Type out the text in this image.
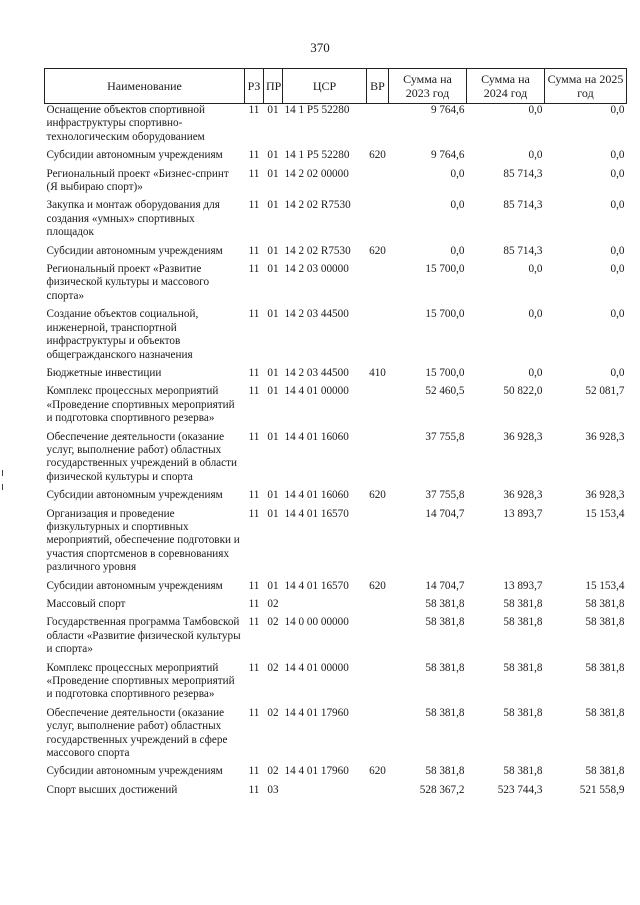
370
Наименование	РЗ	ПР	ЦСР	ВР	Сумма на 2023 год	Сумма на 2024 год	Сумма на 2025 год
Оснащение объектов спортивной инфраструктуры спортивно-технологическим оборудованием	11	01	14 1 P5 52280		9 764,6	0,0	0,0
Субсидии автономным учреждениям	11	01	14 1 P5 52280	620	9 764,6	0,0	0,0
Региональный проект «Бизнес-спринт (Я выбираю спорт)»	11	01	14 2 02 00000		0,0	85 714,3	0,0
Закупка и монтаж оборудования для создания «умных» спортивных площадок	11	01	14 2 02 R7530		0,0	85 714,3	0,0
Субсидии автономным учреждениям	11	01	14 2 02 R7530	620	0,0	85 714,3	0,0
Региональный проект «Развитие физической культуры и массового спорта»	11	01	14 2 03 00000		15 700,0	0,0	0,0
Создание объектов социальной, инженерной, транспортной инфраструктуры и объектов общегражданского назначения	11	01	14 2 03 44500		15 700,0	0,0	0,0
Бюджетные инвестиции	11	01	14 2 03 44500	410	15 700,0	0,0	0,0
Комплекс процессных мероприятий «Проведение спортивных мероприятий и подготовка спортивного резерва»	11	01	14 4 01 00000		52 460,5	50 822,0	52 081,7
Обеспечение деятельности (оказание услуг, выполнение работ) областных государственных учреждений в области физической культуры и спорта	11	01	14 4 01 16060		37 755,8	36 928,3	36 928,3
Субсидии автономным учреждениям	11	01	14 4 01 16060	620	37 755,8	36 928,3	36 928,3
Организация и проведение физкультурных и спортивных мероприятий, обеспечение подготовки и участия спортсменов в соревнованиях различного уровня	11	01	14 4 01 16570		14 704,7	13 893,7	15 153,4
Субсидии автономным учреждениям	11	01	14 4 01 16570	620	14 704,7	13 893,7	15 153,4
Массовый спорт	11	02			58 381,8	58 381,8	58 381,8
Государственная программа Тамбовской области «Развитие физической культуры и спорта»	11	02	14 0 00 00000		58 381,8	58 381,8	58 381,8
Комплекс процессных мероприятий «Проведение спортивных мероприятий и подготовка спортивного резерва»	11	02	14 4 01 00000		58 381,8	58 381,8	58 381,8
Обеспечение деятельности (оказание услуг, выполнение работ) областных государственных учреждений в сфере массового спорта	11	02	14 4 01 17960		58 381,8	58 381,8	58 381,8
Субсидии автономным учреждениям	11	02	14 4 01 17960	620	58 381,8	58 381,8	58 381,8
Спорт высших достижений	11	03			528 367,2	523 744,3	521 558,9
